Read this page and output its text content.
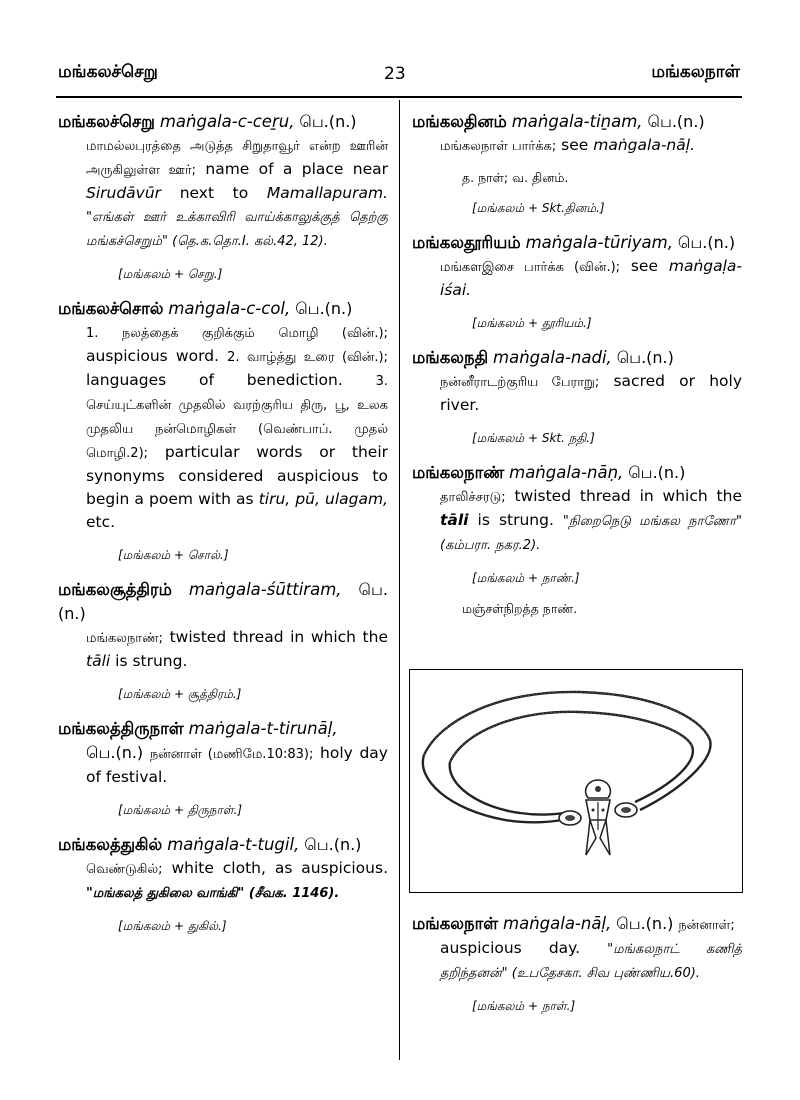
மங்கலச்செறு	23	மங்கலநாள்
மங்கலச்செறு maṅgala-c-ceṟu, பெ.(n.)
மாமல்லபுரத்தை அடுத்த சிறுதாவூர் என்ற ஊரின் அருகிலுள்ள ஊர்; name of a place near Sirudāvūr next to Mamallapuram. "எங்கள் ஊர் உக்காவிரி வாய்க்காலுக்குத் தெற்கு மங்கச்செறும்" (தெ.க.தொ.I. கல்.42, 12).
[மங்கலம் + செறு.]
மங்கலச்சொல் maṅgala-c-col, பெ.(n.)
1. நலத்தைக் குறிக்கும் மொழி (வின்.); auspicious word. 2. வாழ்த்து உரை (வின்.); languages of benediction.	3. செய்யுட்களின் முதலில் வரற்குரிய திரு, பூ, உலக முதலிய நன்மொழிகள் (வெண்பாப். முதல் மொழி.2); particular words or their synonyms considered auspicious to begin a poem with as tiru, pū, ulagam, etc.
[மங்கலம் + சொல்.]
மங்கலசூத்திரம் maṅgala-śūttiram, பெ.(n.)
மங்கலநாண்; twisted thread in which the tāli is strung.
[மங்கலம் + சூத்திரம்.]
மங்கலத்திருநாள் maṅgala-t-tirunāḷ,
பெ.(n.) நன்னாள் (மணிமே.10:83); holy day of festival.
[மங்கலம் + திருநாள்.]
மங்கலத்துகில் maṅgala-t-tugil, பெ.(n.)
வெண்டுகில்; white cloth, as auspicious. "மங்கலத் துகிலை வாங்கி" (சீவக. 1146).
[மங்கலம் + துகில்.]
மங்கலதினம் maṅgala-tiṉam, பெ.(n.)
மங்கலநாள் பார்க்க; see maṅgala-nāḷ.
த. நாள்; வ. தினம்.
[மங்கலம் + Skt.தினம்.]
மங்கலதூரியம் maṅgala-tūriyam, பெ.(n.)
மங்களஇசை பார்க்க (வின்.); see maṅgaḷa-iśai.
[மங்கலம் + தூரியம்.]
மங்கலநதி maṅgala-nadi, பெ.(n.)
நன்னீராடற்குரிய பேராறு; sacred or holy river.
[மங்கலம் + Skt. நதி.]
மங்கலநாண் maṅgala-nāṇ, பெ.(n.)
தாலிச்சரடு; twisted thread in which the tāli is strung. "நிறைநெடு மங்கல நாணோ" (கம்பரா. நகர.2).
[மங்கலம் + நாண்.]
மஞ்சள்நிறத்த நாண்.
மங்கலநாள் maṅgala-nāḷ, பெ.(n.) நன்னாள்;
auspicious day. "மங்கலநாட் கணித் தறிந்தனன்" (உபதேசகா. சிவ புண்ணிய.60).
[மங்கலம் + நாள்.]
